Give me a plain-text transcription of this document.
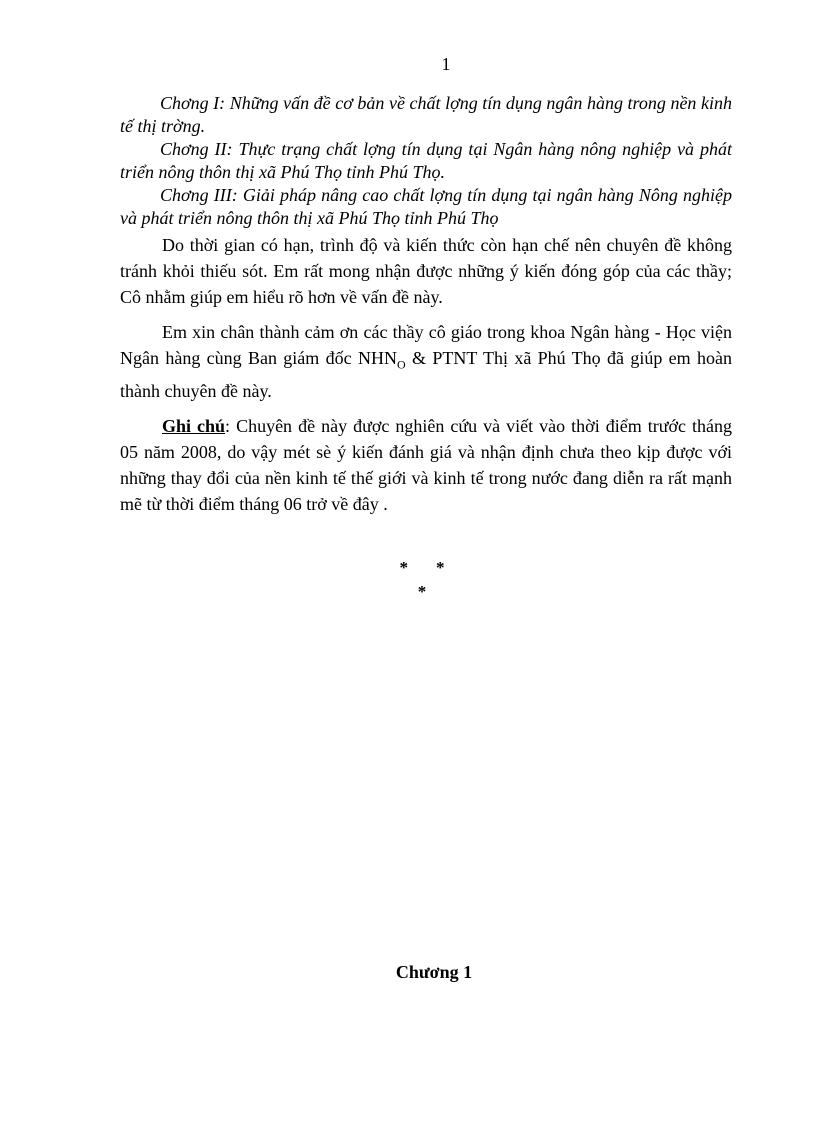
1

Chơng I: Những vấn đề cơ bản về chất lợng tín dụng ngân hàng trong nền kinh tế thị trờng.

Chơng II: Thực trạng chất lợng tín dụng tại Ngân hàng nông nghiệp và phát triển nông thôn thị xã Phú Thọ tỉnh Phú Thọ.

Chơng III: Giải pháp nâng cao chất lợng tín dụng tại ngân hàng Nông nghiệp và phát triển nông thôn thị xã Phú Thọ tỉnh Phú Thọ

Do thời gian có hạn, trình độ và kiến thức còn hạn chế nên chuyên đề không tránh khỏi thiếu sót. Em rất mong nhận được những ý kiến đóng góp của các thầy; Cô nhằm giúp em hiểu rõ hơn về vấn đề này.

Em xin chân thành cảm ơn các thầy cô giáo trong khoa Ngân hàng - Học viện Ngân hàng cùng Ban giám đốc $NHN_O$ & PTNT Thị xã Phú Thọ đã giúp em hoàn thành chuyên đề này.

Ghi chú: Chuyên đề này được nghiên cứu và viết vào thời điểm trước tháng 05 năm 2008, do vậy mét sè ý kiến đánh giá và nhận định chưa theo kịp được với những thay đổi của nền kinh tế thế giới và kinh tế trong nước đang diễn ra rất mạnh mẽ từ thời điểm tháng 06 trở về đây .

* *
*
Chương 1
